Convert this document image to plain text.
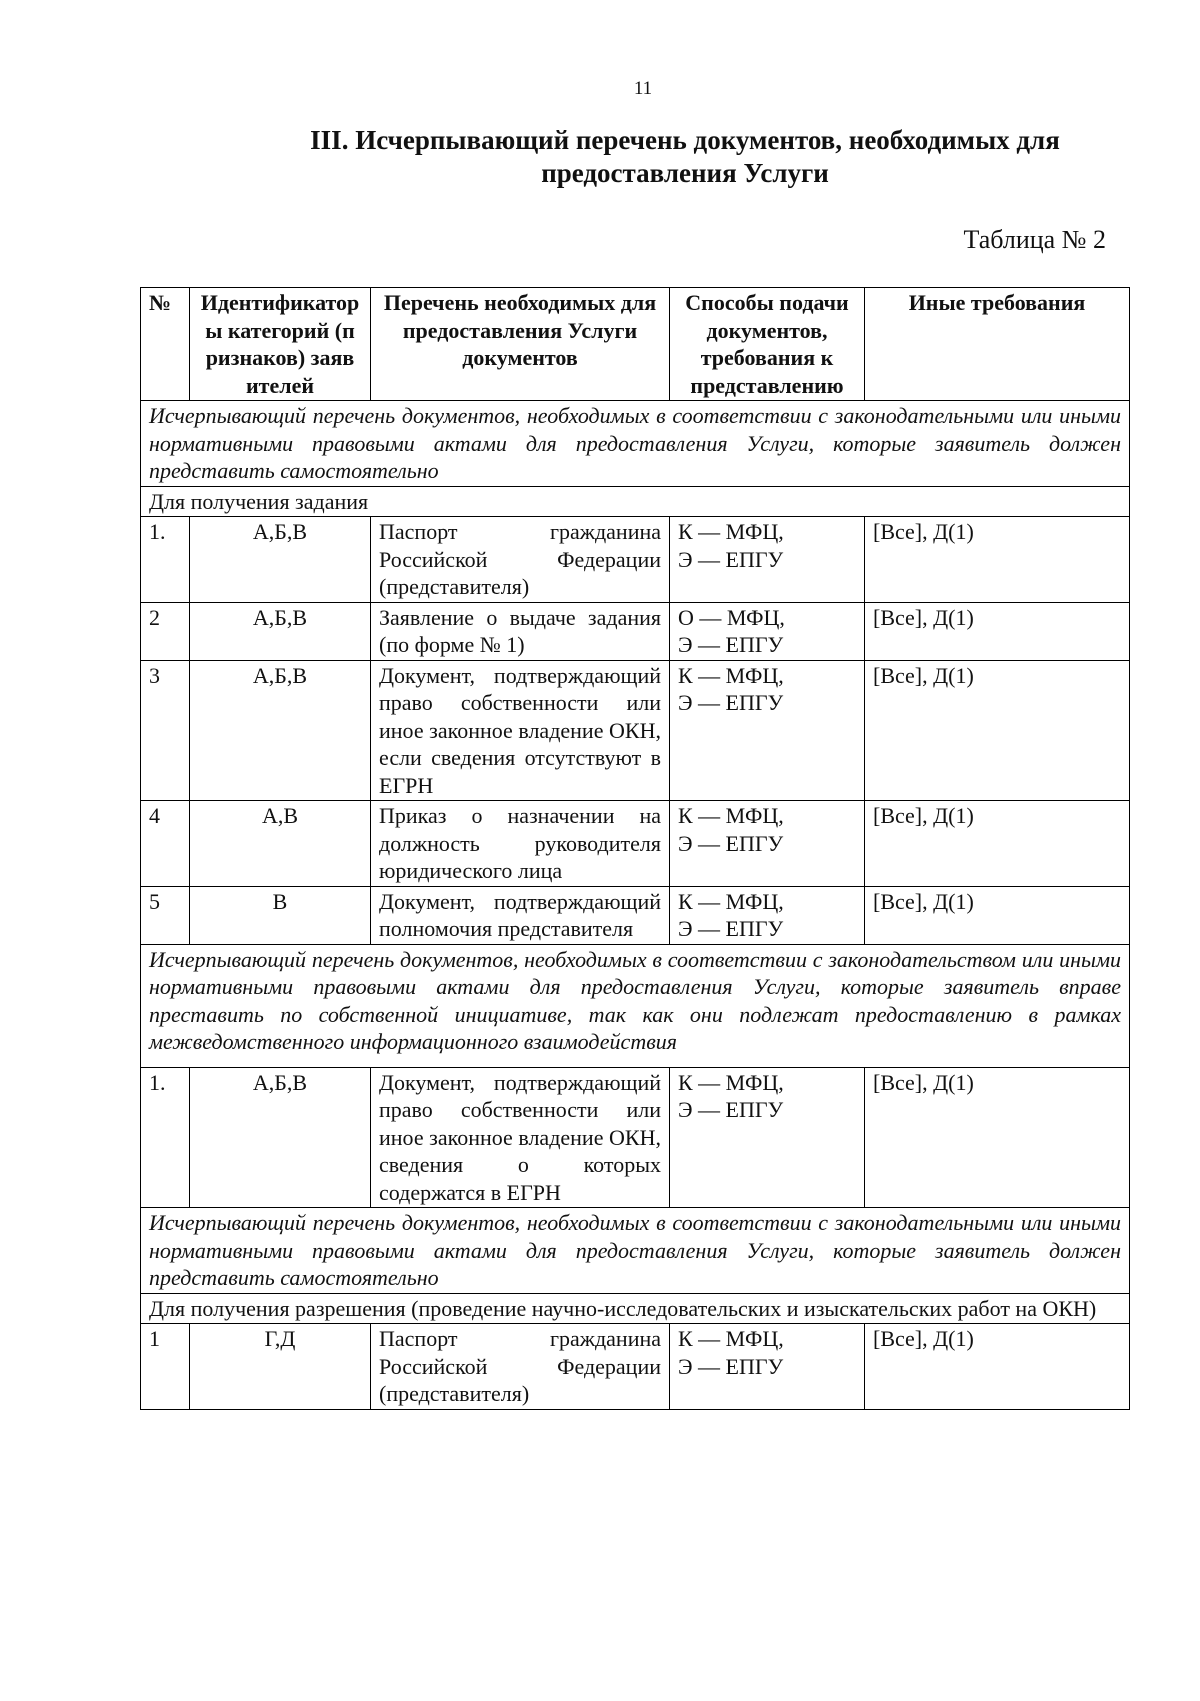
11
III. Исчерпывающий перечень документов, необходимых для
предоставления Услуги
Таблица № 2
№	Идентификаторы категорий (признаков) заявителей	Перечень необходимых для предоставления Услуги документов	Способы подачи документов, требования к представлению	Иные требования
Исчерпывающий перечень документов, необходимых в соответствии с законодательными или иными нормативными правовыми актами для предоставления Услуги, которые заявитель должен представить самостоятельно				
Для получения задания				
1.	А,Б,В	Паспорт гражданина Российской Федерации (представителя)	К — МФЦ,
Э — ЕПГУ	[Все], Д(1)
2	А,Б,В	Заявление о выдаче задания (по форме № 1)	О — МФЦ,
Э — ЕПГУ	[Все], Д(1)
3	А,Б,В	Документ, подтверждающий право собственности или иное законное владение ОКН, если сведения отсутствуют в ЕГРН	К — МФЦ,
Э — ЕПГУ	[Все], Д(1)
4	А,В	Приказ о назначении на должность руководителя юридического лица	К — МФЦ,
Э — ЕПГУ	[Все], Д(1)
5	В	Документ, подтверждающий полномочия представителя	К — МФЦ,
Э — ЕПГУ	[Все], Д(1)
Исчерпывающий перечень документов, необходимых в соответствии с законодательством или иными нормативными правовыми актами для предоставления Услуги, которые заявитель вправе преставить по собственной инициативе, так как они подлежат предоставлению в рамках межведомственного информационного взаимодействия				
1.	А,Б,В	Документ, подтверждающий право собственности или иное законное владение ОКН, сведения о которых содержатся в ЕГРН	К — МФЦ,
Э — ЕПГУ	[Все], Д(1)
Исчерпывающий перечень документов, необходимых в соответствии с законодательными или иными нормативными правовыми актами для предоставления Услуги, которые заявитель должен представить самостоятельно				
Для получения разрешения (проведение научно-исследовательских и изыскательских работ на ОКН)				
1	Г,Д	Паспорт гражданина Российской Федерации (представителя)	К — МФЦ,
Э — ЕПГУ	[Все], Д(1)
